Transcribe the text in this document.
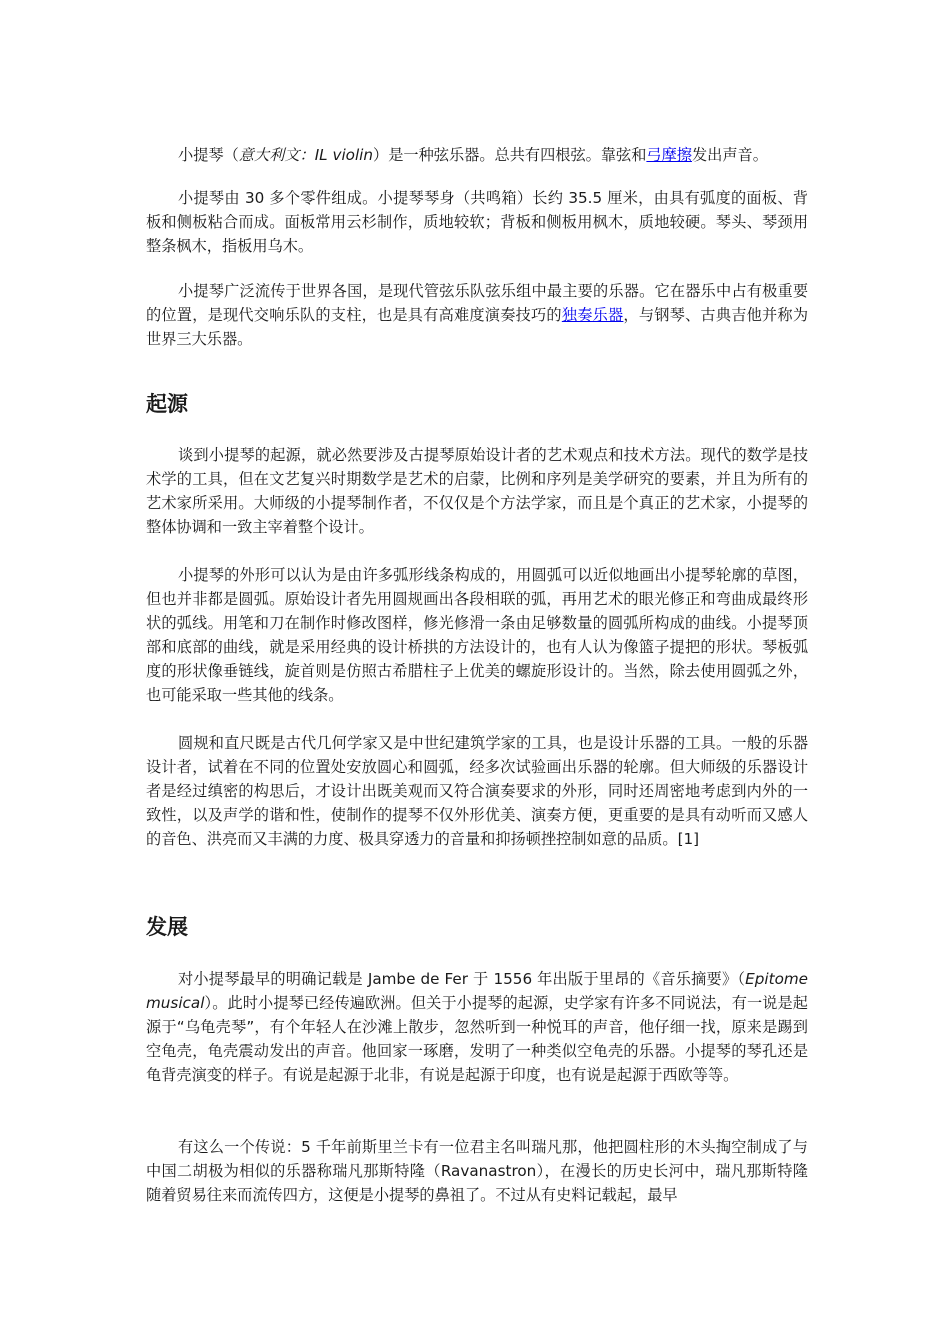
小提琴（意大利文：IL violin）是一种弦乐器。总共有四根弦。靠弦和弓摩擦发出声音。

小提琴由 30 多个零件组成。小提琴琴身（共鸣箱）长约 35.5 厘米，由具有弧度的面板、背板和侧板粘合而成。面板常用云杉制作，质地较软；背板和侧板用枫木，质地较硬。琴头、琴颈用整条枫木，指板用乌木。

小提琴广泛流传于世界各国，是现代管弦乐队弦乐组中最主要的乐器。它在器乐中占有极重要的位置，是现代交响乐队的支柱，也是具有高难度演奏技巧的独奏乐器，与钢琴、古典吉他并称为世界三大乐器。

起源

谈到小提琴的起源，就必然要涉及古提琴原始设计者的艺术观点和技术方法。现代的数学是技术学的工具，但在文艺复兴时期数学是艺术的启蒙，比例和序列是美学研究的要素，并且为所有的艺术家所采用。大师级的小提琴制作者，不仅仅是个方法学家，而且是个真正的艺术家，小提琴的整体协调和一致主宰着整个设计。

小提琴的外形可以认为是由许多弧形线条构成的，用圆弧可以近似地画出小提琴轮廓的草图，但也并非都是圆弧。原始设计者先用圆规画出各段相联的弧，再用艺术的眼光修正和弯曲成最终形状的弧线。用笔和刀在制作时修改图样，修光修滑一条由足够数量的圆弧所构成的曲线。小提琴顶部和底部的曲线，就是采用经典的设计桥拱的方法设计的，也有人认为像篮子提把的形状。琴板弧度的形状像垂链线，旋首则是仿照古希腊柱子上优美的螺旋形设计的。当然，除去使用圆弧之外，也可能采取一些其他的线条。

圆规和直尺既是古代几何学家又是中世纪建筑学家的工具，也是设计乐器的工具。一般的乐器设计者，试着在不同的位置处安放圆心和圆弧，经多次试验画出乐器的轮廓。但大师级的乐器设计者是经过缜密的构思后，才设计出既美观而又符合演奏要求的外形，同时还周密地考虑到内外的一致性，以及声学的谐和性，使制作的提琴不仅外形优美、演奏方便，更重要的是具有动听而又感人的音色、洪亮而又丰满的力度、极具穿透力的音量和抑扬顿挫控制如意的品质。[1]

发展

对小提琴最早的明确记载是 Jambe de Fer 于 1556 年出版于里昂的《音乐摘要》（Epitome musical）。此时小提琴已经传遍欧洲。但关于小提琴的起源，史学家有许多不同说法，有一说是起源于“乌龟壳琴”，有个年轻人在沙滩上散步，忽然听到一种悦耳的声音，他仔细一找，原来是踢到空龟壳，龟壳震动发出的声音。他回家一琢磨，发明了一种类似空龟壳的乐器。小提琴的琴孔还是龟背壳演变的样子。有说是起源于北非，有说是起源于印度，也有说是起源于西欧等等。

有这么一个传说：5 千年前斯里兰卡有一位君主名叫瑞凡那，他把圆柱形的木头掏空制成了与中国二胡极为相似的乐器称瑞凡那斯特隆（Ravanastron），在漫长的历史长河中，瑞凡那斯特隆随着贸易往来而流传四方，这便是小提琴的鼻祖了。不过从有史料记载起，最早
